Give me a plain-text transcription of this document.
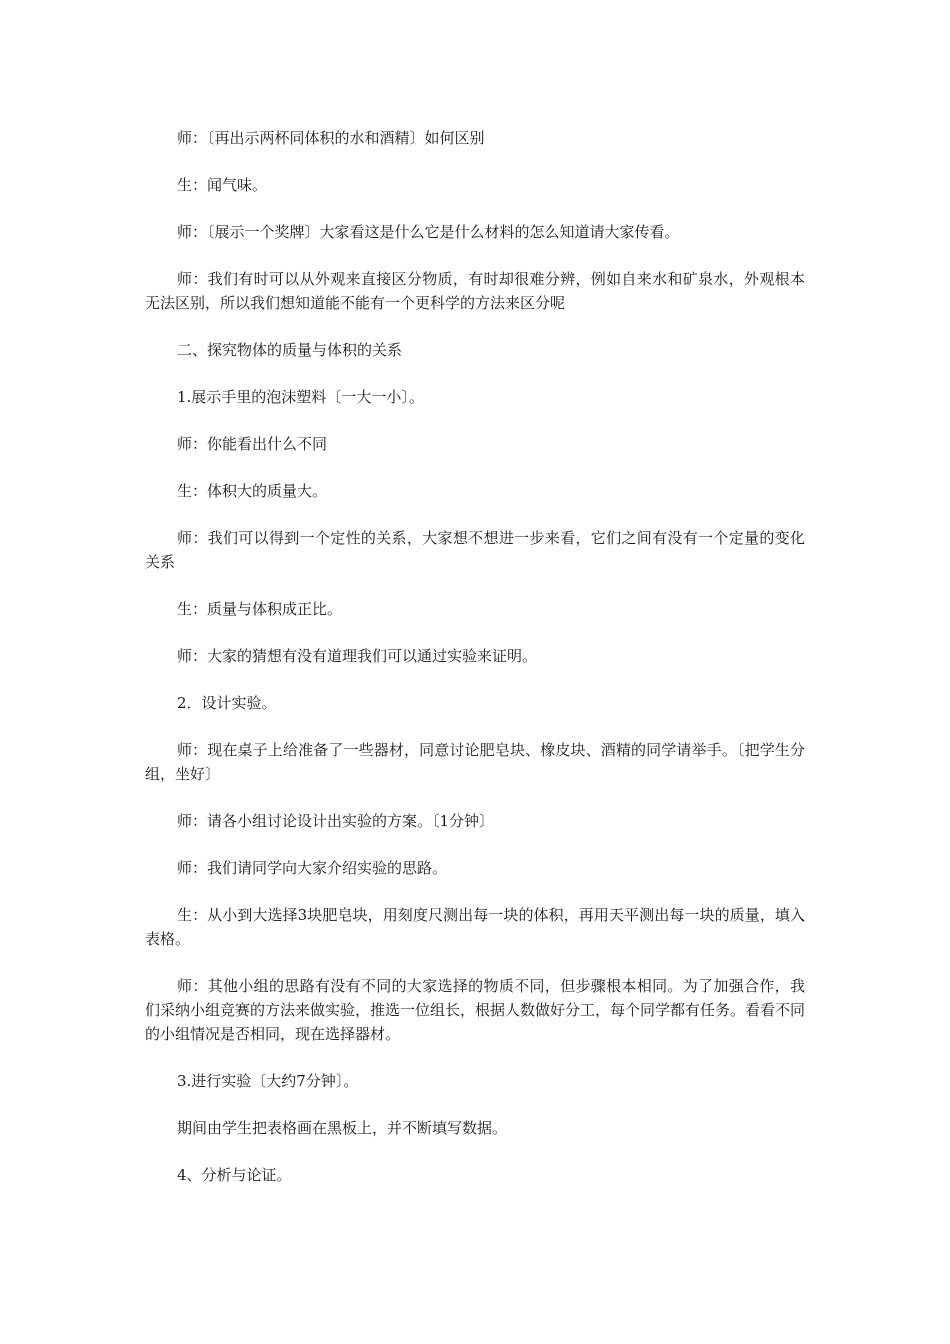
师：〔再出示两杯同体积的水和酒精〕如何区别

生：闻气味。

师：〔展示一个奖牌〕大家看这是什么它是什么材料的怎么知道请大家传看。

师：我们有时可以从外观来直接区分物质，有时却很难分辨，例如自来水和矿泉水，外观根本无法区别，所以我们想知道能不能有一个更科学的方法来区分呢

二、探究物体的质量与体积的关系

1.展示手里的泡沫塑料〔一大一小〕。

师：你能看出什么不同

生：体积大的质量大。

师：我们可以得到一个定性的关系，大家想不想进一步来看，它们之间有没有一个定量的变化关系

生：质量与体积成正比。

师：大家的猜想有没有道理我们可以通过实验来证明。

2．设计实验。

师：现在桌子上给准备了一些器材，同意讨论肥皂块、橡皮块、酒精的同学请举手。〔把学生分组，坐好〕

师：请各小组讨论设计出实验的方案。〔1分钟〕

师：我们请同学向大家介绍实验的思路。

生：从小到大选择3块肥皂块，用刻度尺测出每一块的体积，再用天平测出每一块的质量，填入表格。

师：其他小组的思路有没有不同的大家选择的物质不同，但步骤根本相同。为了加强合作，我们采纳小组竞赛的方法来做实验，推选一位组长，根据人数做好分工，每个同学都有任务。看看不同的小组情况是否相同，现在选择器材。

3.进行实验〔大约7分钟〕。

期间由学生把表格画在黑板上，并不断填写数据。

4、分析与论证。
